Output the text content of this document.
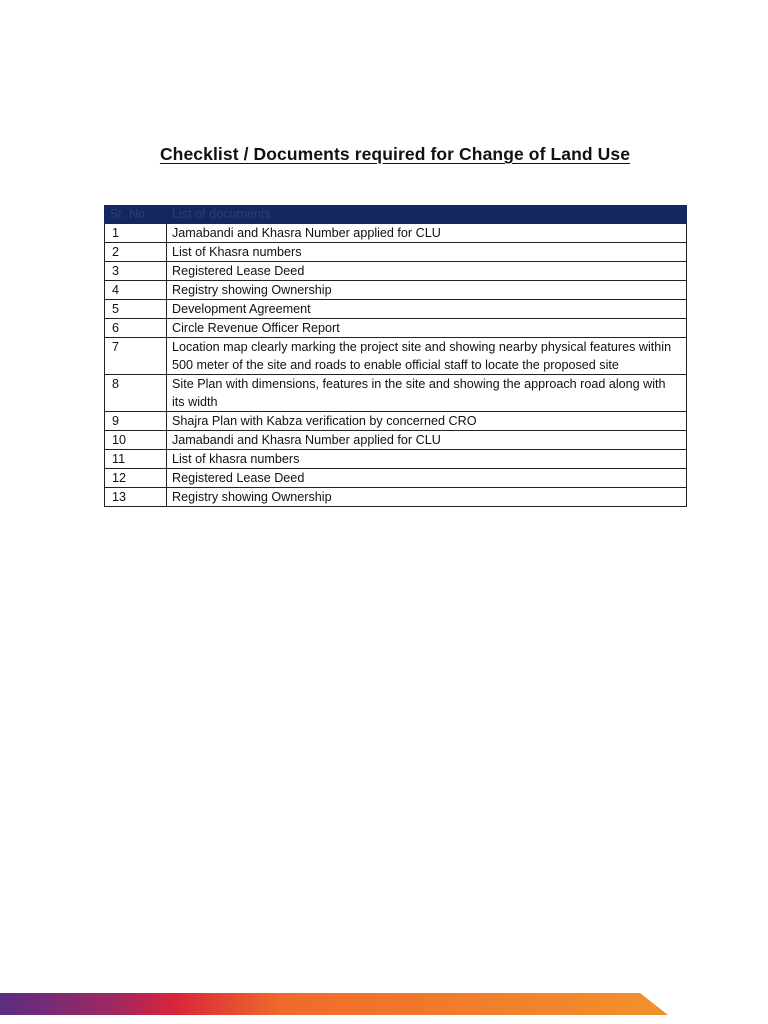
Checklist / Documents required for Change of Land Use
Sr. No.	List of documents
1	Jamabandi and Khasra Number applied for CLU
2	List of Khasra numbers
3	Registered Lease Deed
4	Registry showing Ownership
5	Development Agreement
6	Circle Revenue Officer Report
7	Location map clearly marking the project site and showing nearby physical features within 500 meter of the site and roads to enable official staff to locate the proposed site
8	Site Plan with dimensions, features in the site and showing the approach road along with its width
9	Shajra Plan with Kabza verification by concerned CRO
10	Jamabandi and Khasra Number applied for CLU
11	List of khasra numbers
12	Registered Lease Deed
13	Registry showing Ownership
